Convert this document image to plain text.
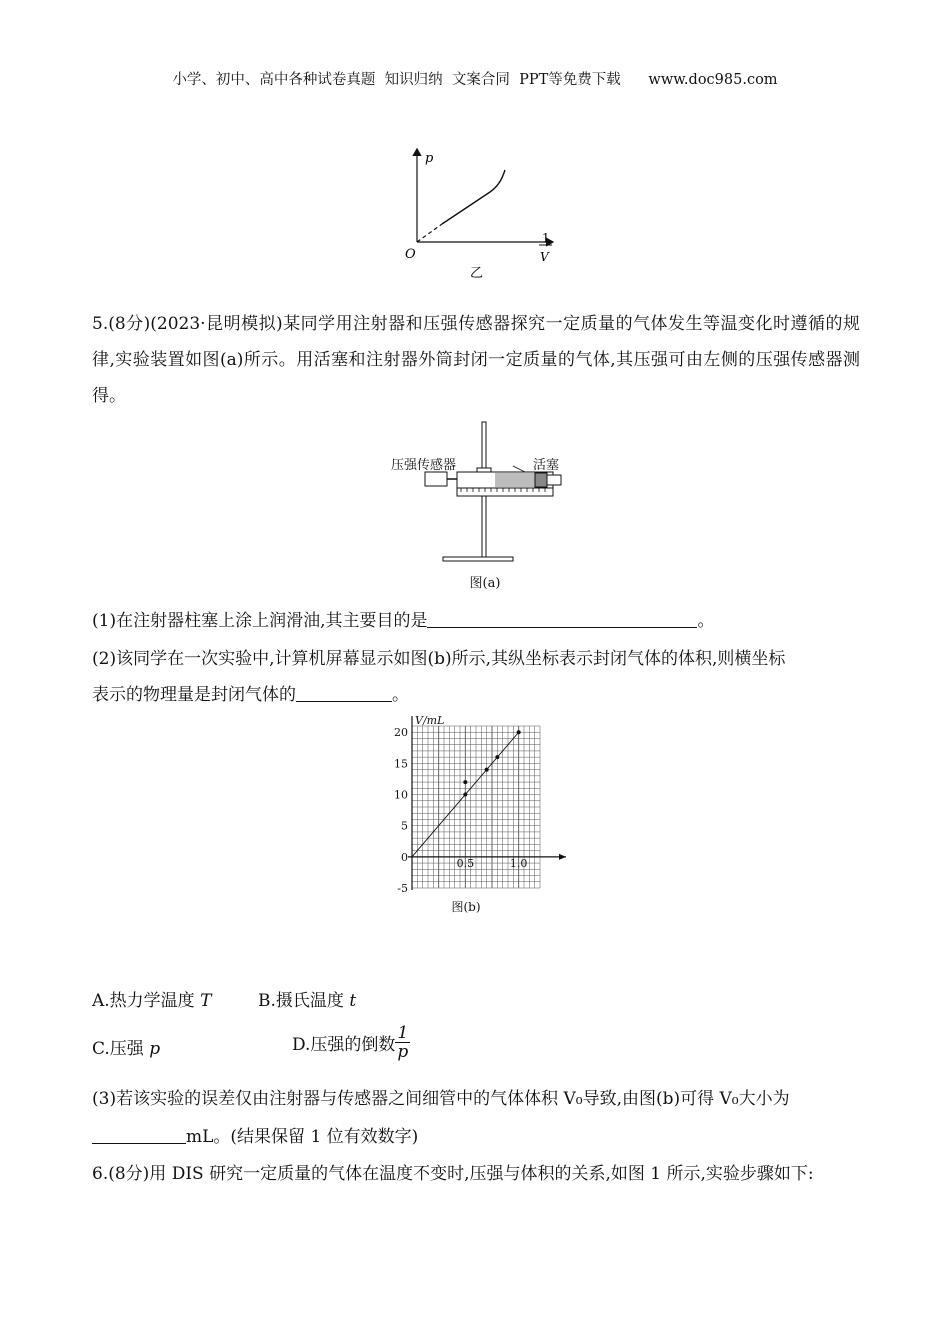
小学、初中、高中各种试卷真题  知识归纳  文案合同  PPT等免费下载      www.doc985.com
p
O
1
V
乙
5.(8分)(2023·昆明模拟)某同学用注射器和压强传感器探究一定质量的气体发生等温变化时遵循的规律,实验装置如图(a)所示。用活塞和注射器外筒封闭一定质量的气体,其压强可由左侧的压强传感器测得。
压强传感器	活塞
图(a)
(1)在注射器柱塞上涂上润滑油,其主要目的是	。
(2)该同学在一次实验中,计算机屏幕显示如图(b)所示,其纵坐标表示封闭气体的体积,则横坐标
表示的物理量是封闭气体的	。
-5
0
5
10
15
20
0.5	1.0
V/mL
图(b)
A.热力学温度 T	B.摄氏温度 t
C.压强 p	D.压强的倒数 $\frac{1}{p}$
(3)若该实验的误差仅由注射器与传感器之间细管中的气体体积 V₀导致,由图(b)可得 V₀大小为
mL。(结果保留 1 位有效数字)
6.(8分)用 DIS 研究一定质量的气体在温度不变时,压强与体积的关系,如图 1 所示,实验步骤如下:
